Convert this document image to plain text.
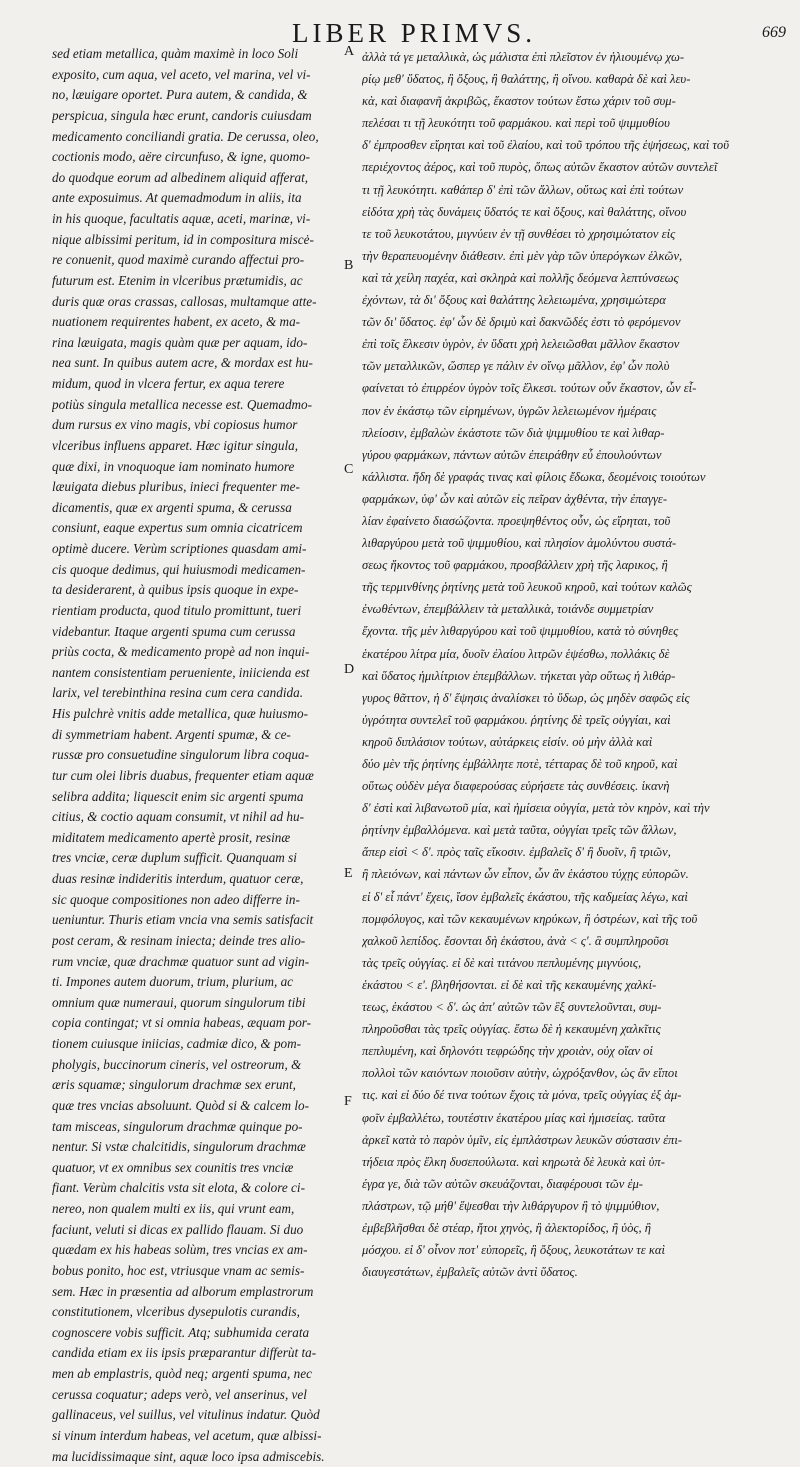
LIBER PRIMVS.	669
sed etiam metallica, quàm maximè in loco Soli
exposito, cum aqua, vel aceto, vel marina, vel vi-
no, læuigare oportet. Pura autem, & candida, &
perspicua, singula hæc erunt, candoris cuiusdam
medicamento conciliandi gratia. De cerussa, oleo,
coctionis modo, aëre circunfuso, & igne, quomo-
do quodque eorum ad albedinem aliquid afferat,
ante exposuimus. At quemadmodum in aliis, ita
in his quoque, facultatis aquæ, aceti, marinæ, vi-
nique albissimi peritum, id in compositura miscė-
re conuenit, quod maximè curando affectui pro-
futurum est. Etenim in vlceribus prætumidis, ac
duris quæ oras crassas, callosas, multamque atte-
nuationem requirentes habent, ex aceto, & ma-
rina læuigata, magis quàm quæ per aquam, ido-
nea sunt. In quibus autem acre, & mordax est hu-
midum, quod in vlcera fertur, ex aqua terere
potiùs singula metallica necesse est. Quemadmo-
dum rursus ex vino magis, vbi copiosus humor
vlceribus influens apparet. Hæc igitur singula,
quæ dixi, in vnoquoque iam nominato humore
læuigata diebus pluribus, inieci frequenter me-
dicamentis, quæ ex argenti spuma, & cerussa
consiunt, eaque expertus sum omnia cicatricem
optimè ducere. Verùm scriptiones quasdam ami-
cis quoque dedimus, qui huiusmodi medicamen-
ta desiderarent, à quibus ipsis quoque in expe-
rientiam producta, quod titulo promittunt, tueri
videbantur. Itaque argenti spuma cum cerussa
priùs cocta, & medicamento propè ad non inqui-
nantem consistentiam perueniente, iniicienda est
larix, vel terebinthina resina cum cera candida.
His pulchrè vnitis adde metallica, quæ huiusmo-
di symmetriam habent. Argenti spumæ, & ce-
russæ pro consuetudine singulorum libra coqua-
tur cum olei libris duabus, frequenter etiam aquæ
selibra addita; liquescit enim sic argenti spuma
citius, & coctio aquam consumit, vt nihil ad hu-
miditatem medicamento apertè prosit, resinæ
tres vnciæ, ceræ duplum sufficit. Quanquam si
duas resinæ indideritis interdum, quatuor ceræ,
sic quoque compositiones non adeo differre in-
ueniuntur. Thuris etiam vncia vna semis satisfacit
post ceram, & resinam iniecta; deinde tres alio-
rum vnciæ, quæ drachmæ quatuor sunt ad vigin-
ti. Impones autem duorum, trium, plurium, ac
omnium quæ numeraui, quorum singulorum tibi
copia contingat; vt si omnia habeas, æquam por-
tionem cuiusque iniicias, cadmiæ dico, & pom-
pholygis, buccinorum cineris, vel ostreorum, &
æris squamæ; singulorum drachmæ sex erunt,
quæ tres vncias absoluunt. Quòd si & calcem lo-
tam misceas, singulorum drachmæ quinque po-
nentur. Si vstæ chalcitidis, singulorum drachmæ
quatuor, vt ex omnibus sex counitis tres vnciæ
fiant. Verùm chalcitis vsta sit elota, & colore ci-
nereo, non qualem multi ex iis, qui vrunt eam,
faciunt, veluti si dicas ex pallido flauam. Si duo
quædam ex his habeas solùm, tres vncias ex am-
bobus ponito, hoc est, vtriusque vnam ac semis-
sem. Hæc in præsentia ad alborum emplastrorum
constitutionem, vlceribus dysepulotis curandis,
cognoscere vobis sufficit. Atq; subhumida cerata
candida etiam ex iis ipsis præparantur differùt ta-
men ab emplastris, quòd neq; argenti spuma, nec
cerussa coquatur; adeps verò, vel anserinus, vel
gallinaceus, vel suillus, vel vitulinus indatur. Quòd
si vinum interdum habeas, vel acetum, quæ albissi-
ma lucidissimaque sint, aquæ loco ipsa admiscebis.
A
B
C
D
E
F
ἀλλὰ τά γε μεταλλικὰ, ὡς μάλιστα ἐπὶ πλεῖστον ἐν ἡλιουμένῳ χω-
ρίῳ μεθ' ὕδατος, ἢ ὄξους, ἢ θαλάττης, ἢ οἴνου. καθαρὰ δὲ καὶ λευ-
κὰ, καὶ διαφανῆ ἀκριβῶς, ἕκαστον τούτων ἔστω χάριν τοῦ συμ-
πελέσαι τι τῇ λευκότητι τοῦ φαρμάκου. καὶ περὶ τοῦ ψιμμυθίου
δ' ἐμπροσθεν εἴρηται καὶ τοῦ ἐλαίου, καὶ τοῦ τρόπου τῆς ἑψήσεως, καὶ τοῦ
περιέχοντος ἀέρος, καὶ τοῦ πυρὸς, ὅπως αὐτῶν ἕκαστον αὐτῶν συντελεῖ
τι τῇ λευκότητι. καθάπερ δ' ἐπὶ τῶν ἄλλων, οὕτως καὶ ἐπὶ τούτων
εἰδότα χρὴ τὰς δυνάμεις ὕδατός τε καὶ ὄξους, καὶ θαλάττης, οἴνου
τε τοῦ λευκοτάτου, μιγνύειν ἐν τῇ συνθέσει τὸ χρησιμώτατον εἰς
τὴν θεραπευομένην διάθεσιν. ἐπὶ μὲν γὰρ τῶν ὑπερόγκων ἑλκῶν,
καὶ τὰ χείλη παχέα, καὶ σκληρὰ καὶ πολλῆς δεόμενα λεπτύνσεως
ἐχόντων, τὰ δι' ὄξους καὶ θαλάττης λελειωμένα, χρησιμώτερα
τῶν δι' ὕδατος. ἐφ' ὧν δὲ δριμὺ καὶ δακνῶδές ἐστι τὸ φερόμενον
ἐπὶ τοῖς ἕλκεσιν ὑγρὸν, ἐν ὕδατι χρὴ λελειῶσθαι μᾶλλον ἕκαστον
τῶν μεταλλικῶν, ὥσπερ γε πάλιν ἐν οἴνῳ μᾶλλον, ἐφ' ὧν πολὺ
φαίνεται τὸ ἐπιρρέον ὑγρὸν τοῖς ἕλκεσι. τούτων οὖν ἕκαστον, ὧν εἶ-
πον ἐν ἑκάστῳ τῶν εἰρημένων, ὑγρῶν λελειωμένον ἡμέραις
πλείοσιν, ἐμβαλὼν ἑκάστοτε τῶν διὰ ψιμμυθίου τε καὶ λιθαρ-
γύρου φαρμάκων, πάντων αὐτῶν ἐπειράθην εὖ ἐπουλούντων
κάλλιστα. ἤδη δὲ γραφάς τινας καὶ φίλοις ἔδωκα, δεομένοις τοιούτων
φαρμάκων, ὑφ' ὧν καὶ αὐτῶν εἰς πεῖραν ἀχθέντα, τὴν ἐπαγγε-
λίαν ἐφαίνετο διασώζοντα. προεψηθέντος οὖν, ὡς εἴρηται, τοῦ
λιθαργύρου μετὰ τοῦ ψιμμυθίου, καὶ πλησίον ἀμολύντου συστά-
σεως ἥκοντος τοῦ φαρμάκου, προσβάλλειν χρὴ τῆς λαρικος, ἢ
τῆς τερμινθίνης ῥητίνης μετὰ τοῦ λευκοῦ κηροῦ, καὶ τούτων καλῶς
ἑνωθέντων, ἐπεμβάλλειν τὰ μεταλλικὰ, τοιάνδε συμμετρίαν
ἔχοντα. τῆς μὲν λιθαργύρου καὶ τοῦ ψιμμυθίου, κατὰ τὸ σύνηθες
ἑκατέρου λίτρα μία, δυοῖν ἐλαίου λιτρῶν ἑψέσθω, πολλάκις δὲ
καὶ ὕδατος ἡμιλίτριον ἐπεμβάλλων. τήκεται γὰρ οὕτως ἡ λιθάρ-
γυρος θᾶττον, ἡ δ' ἕψησις ἀναλίσκει τὸ ὕδωρ, ὡς μηδὲν σαφῶς εἰς
ὑγρότητα συντελεῖ τοῦ φαρμάκου. ῥητίνης δὲ τρεῖς οὐγγίαι, καὶ
κηροῦ διπλάσιον τούτων, αὐτάρκεις εἰσίν. οὐ μὴν ἀλλὰ καὶ
δύο μὲν τῆς ῥητίνης ἐμβάλλητε ποτὲ, τέτταρας δὲ τοῦ κηροῦ, καὶ
οὕτως οὐδὲν μέγα διαφερούσας εὑρήσετε τὰς συνθέσεις. ἱκανὴ
δ' ἐστὶ καὶ λιβανωτοῦ μία, καὶ ἡμίσεια οὐγγία, μετὰ τὸν κηρὸν, καὶ τὴν
ῥητίνην ἐμβαλλόμενα. καὶ μετὰ ταῦτα, οὐγγίαι τρεῖς τῶν ἄλλων,
ἅπερ εἰσὶ < δ'. πρὸς ταῖς εἴκοσιν. ἐμβαλεῖς δ' ἢ δυοῖν, ἢ τριῶν,
ἢ πλειόνων, καὶ πάντων ὧν εἶπον, ὧν ἂν ἑκάστου τύχῃς εὐπορῶν.
εἰ δ' εἶ πάντ' ἔχεις, ἴσον ἐμβαλεῖς ἑκάστου, τῆς καδμείας λέγω, καὶ
πομφόλυγος, καὶ τῶν κεκαυμένων κηρύκων, ἢ ὀστρέων, καὶ τῆς τοῦ
χαλκοῦ λεπίδος. ἔσονται δὴ ἑκάστου, ἀνὰ < ς'. ἃ συμπληροῦσι
τὰς τρεῖς οὐγγίας. εἰ δὲ καὶ τιτάνου πεπλυμένης μιγνύοις,
ἑκάστου < ε'. βληθήσονται. εἰ δὲ καὶ τῆς κεκαυμένης χαλκί-
τεως, ἑκάστου < δ'. ὡς ἀπ' αὐτῶν τῶν ἓξ συντελοῦνται, συμ-
πληροῦσθαι τὰς τρεῖς οὐγγίας. ἔστω δὲ ἡ κεκαυμένη χαλκῖτις
πεπλυμένη, καὶ δηλονότι τεφρώδης τὴν χροιὰν, οὐχ οἵαν οἱ
πολλοὶ τῶν καιόντων ποιοῦσιν αὐτὴν, ὠχρόξανθον, ὡς ἂν εἴποι
τις. καὶ εἰ δύο δέ τινα τούτων ἔχοις τὰ μόνα, τρεῖς οὐγγίας ἐξ ἀμ-
φοῖν ἐμβαλλέτω, τουτέστιν ἑκατέρου μίας καὶ ἡμισείας. ταῦτα
ἀρκεῖ κατὰ τὸ παρὸν ὑμῖν, εἰς ἐμπλάστρων λευκῶν σύστασιν ἐπι-
τήδεια πρὸς ἕλκη δυσεπούλωτα. καὶ κηρωτὰ δὲ λευκὰ καὶ ὑπ-
έγρα γε, διὰ τῶν αὐτῶν σκευάζονται, διαφέρουσι τῶν ἐμ-
πλάστρων, τῷ μήθ' ἕψεσθαι τὴν λιθάργυρον ἢ τὸ ψιμμύθιον,
ἐμβεβλῆσθαι δὲ στέαρ, ἤτοι χηνὸς, ἢ ἀλεκτορίδος, ἢ ὑὸς, ἢ
μόσχου. εἰ δ' οἶνον ποτ' εὐπορεῖς, ἢ ὄξους, λευκοτάτων τε καὶ
διαυγεστάτων, ἐμβαλεῖς αὐτῶν ἀντὶ ὕδατος.
